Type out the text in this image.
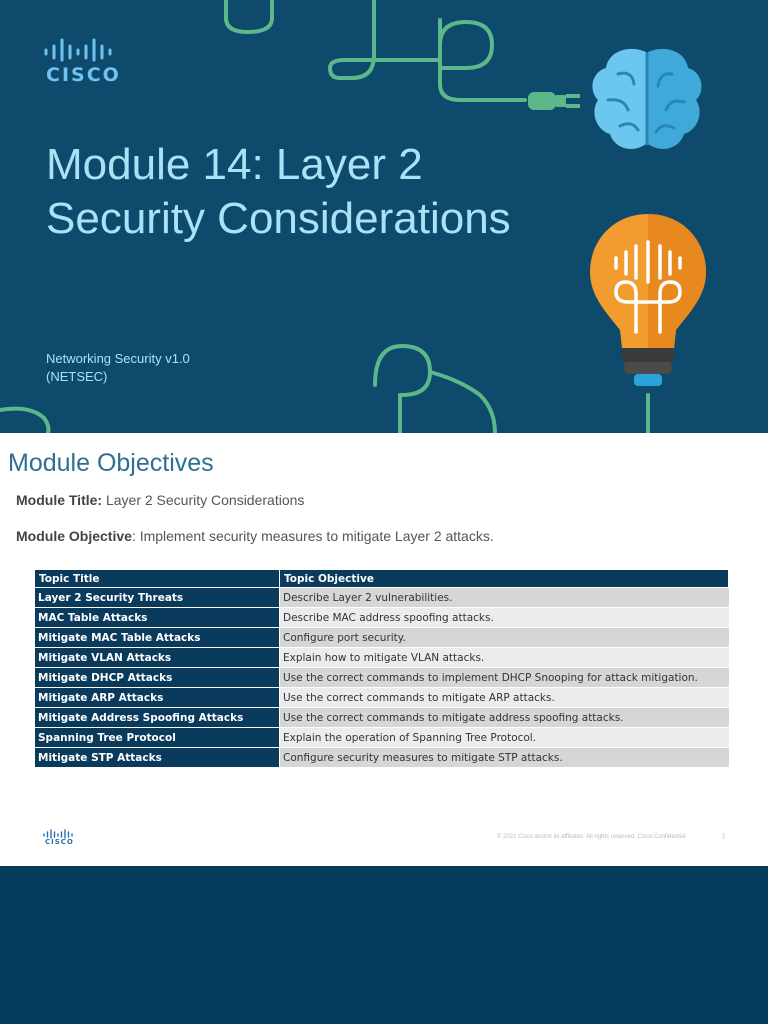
CISCO
Module 14: Layer 2
Security Considerations
Networking Security v1.0
(NETSEC)
Module Objectives
Module Title: Layer 2 Security Considerations
Module Objective: Implement security measures to mitigate Layer 2 attacks.
Topic Title	Topic Objective
Layer 2 Security Threats	Describe Layer 2 vulnerabilities.
MAC Table Attacks	Describe MAC address spoofing attacks.
Mitigate MAC Table Attacks	Configure port security.
Mitigate VLAN Attacks	Explain how to mitigate VLAN attacks.
Mitigate DHCP Attacks	Use the correct commands to implement DHCP Snooping for attack mitigation.
Mitigate ARP Attacks	Use the correct commands to mitigate ARP attacks.
Mitigate Address Spoofing Attacks	Use the correct commands to mitigate address spoofing attacks.
Spanning Tree Protocol	Explain the operation of Spanning Tree Protocol.
Mitigate STP Attacks	Configure security measures to mitigate STP attacks.
CISCO
© 2021 Cisco and/or its affiliates. All rights reserved. Cisco Confidential	2
